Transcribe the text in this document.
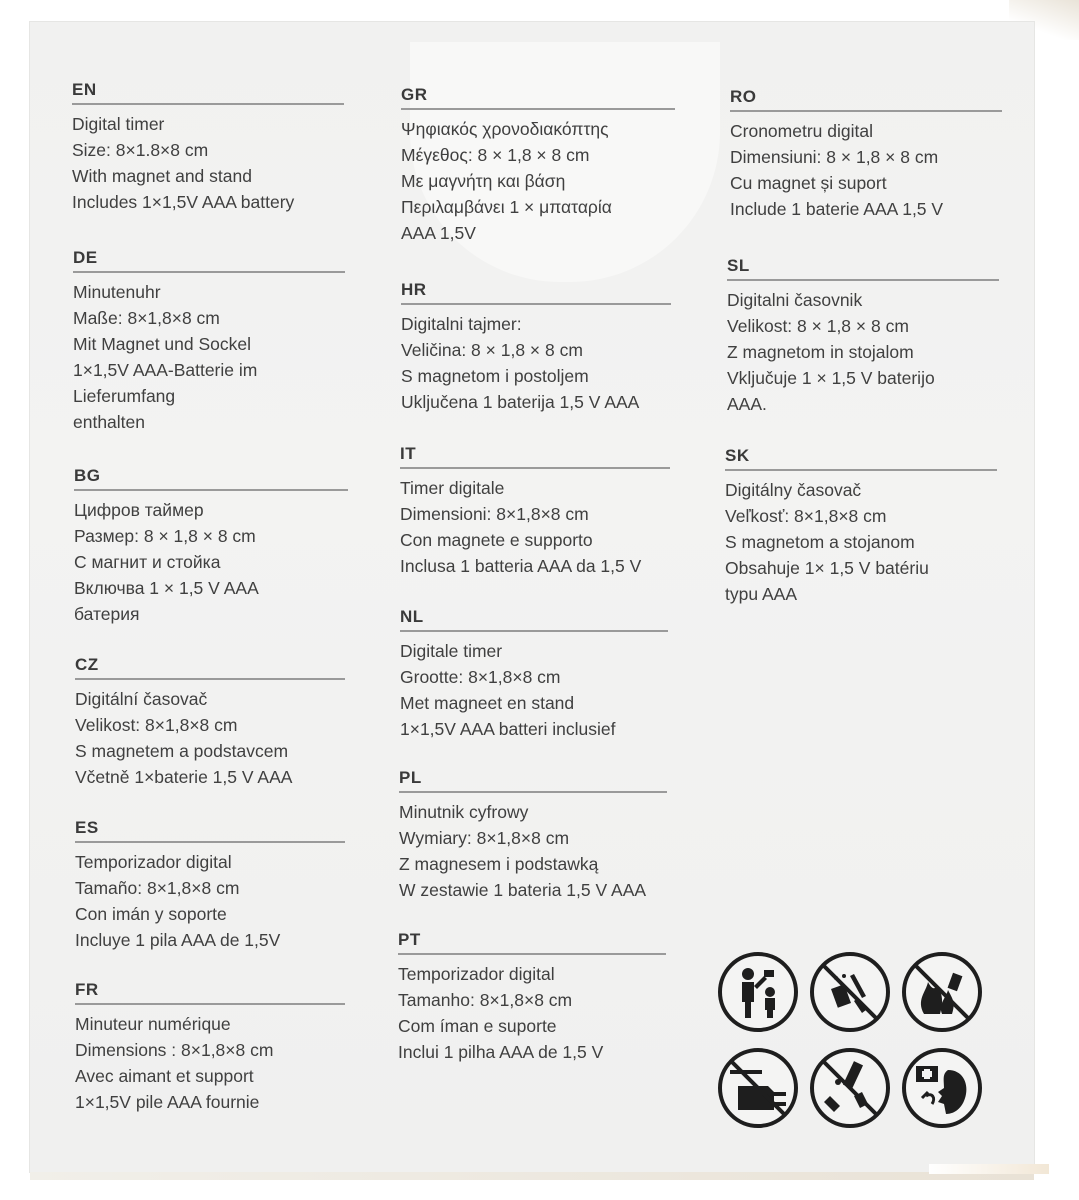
EN
Digital timer
Size: 8×1.8×8 cm
With magnet and stand
Includes 1×1,5V AAA battery
DE
Minutenuhr
Maße: 8×1,8×8 cm
Mit Magnet und Sockel
1×1,5V AAA-Batterie im
Lieferumfang
enthalten
BG
Цифров таймер
Размер: 8 × 1,8 × 8 cm
С магнит и стойка
Включва 1 × 1,5 V AAA
батерия
CZ
Digitální časovač
Velikost: 8×1,8×8 cm
S magnetem a podstavcem
Včetně 1×baterie 1,5 V AAA
ES
Temporizador digital
Tamaño: 8×1,8×8 cm
Con imán y soporte
Incluye 1 pila AAA de 1,5V
FR
Minuteur numérique
Dimensions : 8×1,8×8 cm
Avec aimant et support
1×1,5V pile AAA fournie
GR
Ψηφιακός χρονοδιακόπτης
Μέγεθος: 8 × 1,8 × 8 cm
Με μαγνήτη και βάση
Περιλαμβάνει 1 × μπαταρία
AAA 1,5V
HR
Digitalni tajmer:
Veličina: 8 × 1,8 × 8 cm
S magnetom i postoljem
Uključena 1 baterija 1,5 V AAA
IT
Timer digitale
Dimensioni: 8×1,8×8 cm
Con magnete e supporto
Inclusa 1 batteria AAA da 1,5 V
NL
Digitale timer
Grootte: 8×1,8×8 cm
Met magneet en stand
1×1,5V AAA batteri inclusief
PL
Minutnik cyfrowy
Wymiary: 8×1,8×8 cm
Z magnesem i podstawką
W zestawie 1 bateria 1,5 V AAA
PT
Temporizador digital
Tamanho: 8×1,8×8 cm
Com íman e suporte
Inclui 1 pilha AAA de 1,5 V
RO
Cronometru digital
Dimensiuni: 8 × 1,8 × 8 cm
Cu magnet și suport
Include 1 baterie AAA 1,5 V
SL
Digitalni časovnik
Velikost: 8 × 1,8 × 8 cm
Z magnetom in stojalom
Vključuje 1 × 1,5 V baterijo
AAA.
SK
Digitálny časovač
Veľkosť: 8×1,8×8 cm
S magnetom a stojanom
Obsahuje 1× 1,5 V batériu
typu AAA
